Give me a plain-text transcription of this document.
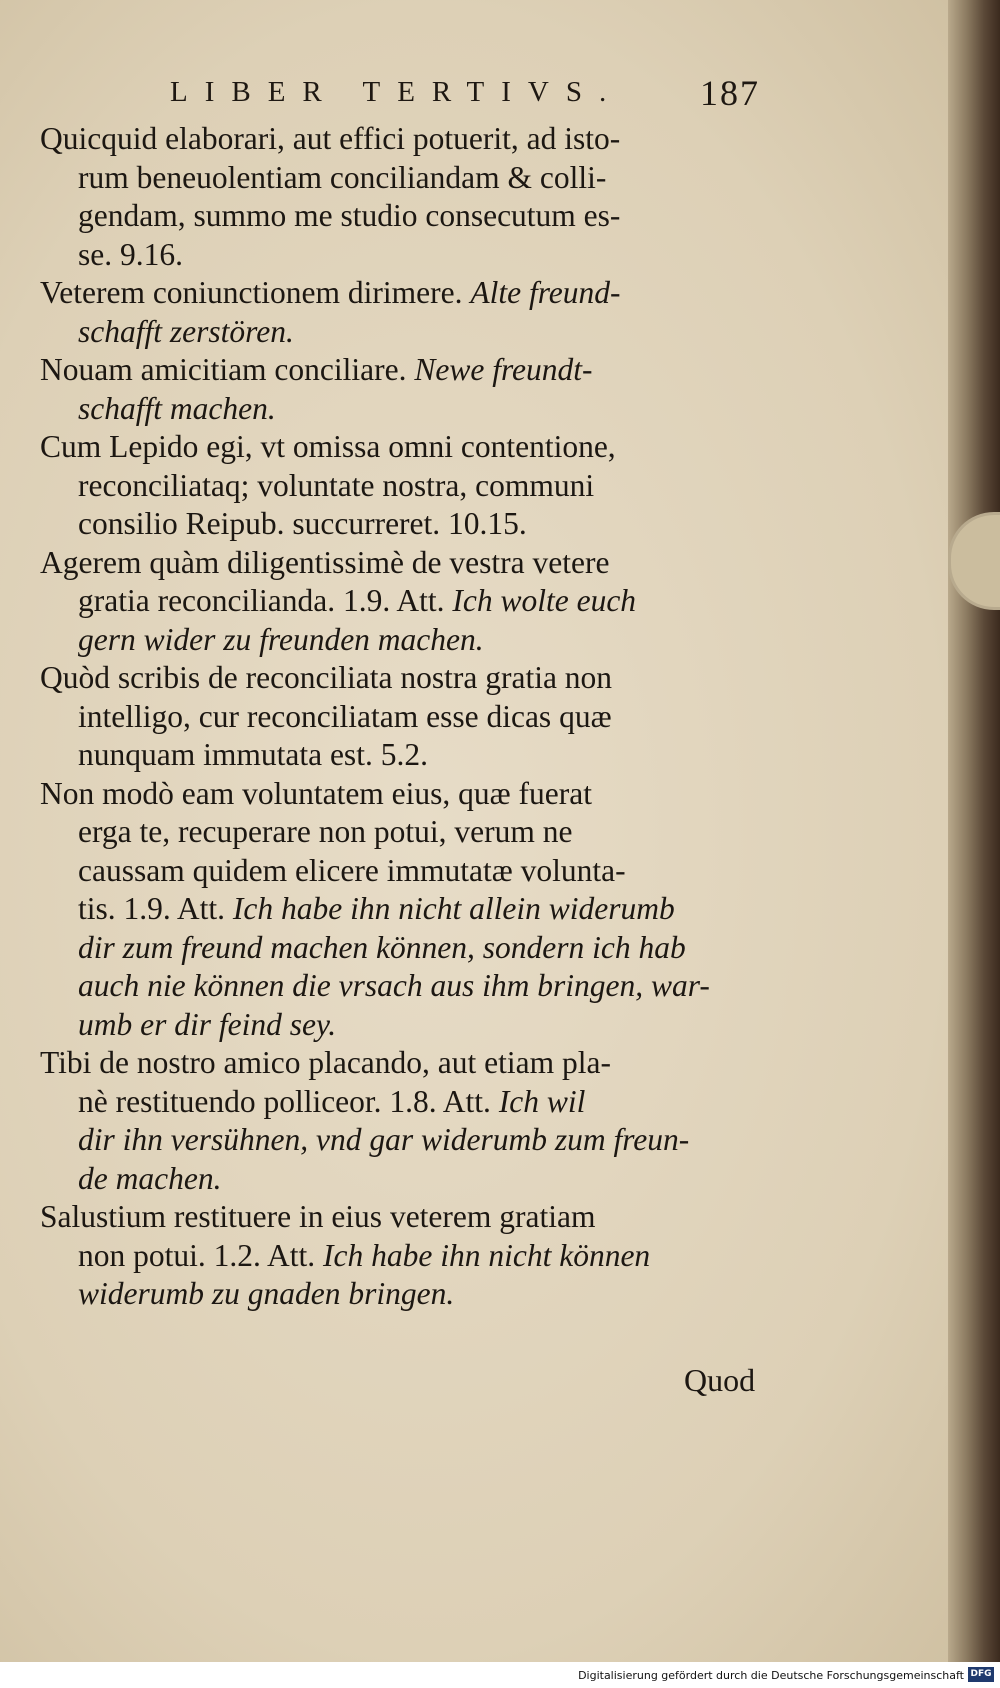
LIBER TERTIVS. 187
Quicquid elaborari, aut effici potuerit, ad isto-
rum beneuolentiam conciliandam & colli-
gendam, summo me studio consecutum es-
se. 9.16.
Veterem coniunctionem dirimere. Alte freund-
schafft zerstören.
Nouam amicitiam conciliare. Newe freundt-
schafft machen.
Cum Lepido egi, vt omissa omni contentione,
reconciliataq; voluntate nostra, communi
consilio Reipub. succurreret. 10.15.
Agerem quàm diligentissimè de vestra vetere
gratia reconcilianda. 1.9. Att. Ich wolte euch
gern wider zu freunden machen.
Quòd scribis de reconciliata nostra gratia non
intelligo, cur reconciliatam esse dicas quæ
nunquam immutata est. 5.2.
Non modò eam voluntatem eius, quæ fuerat
erga te, recuperare non potui, verum ne
caussam quidem elicere immutatæ volunta-
tis. 1.9. Att. Ich habe ihn nicht allein widerumb
dir zum freund machen können, sondern ich hab
auch nie können die vrsach aus ihm bringen, war-
umb er dir feind sey.
Tibi de nostro amico placando, aut etiam pla-
nè restituendo polliceor. 1.8. Att. Ich wil
dir ihn versühnen, vnd gar widerumb zum freun-
de machen.
Salustium restituere in eius veterem gratiam
non potui. 1.2. Att. Ich habe ihn nicht können
widerumb zu gnaden bringen.
Quod
Digitalisierung gefördert durch die Deutsche Forschungsgemeinschaft DFG
